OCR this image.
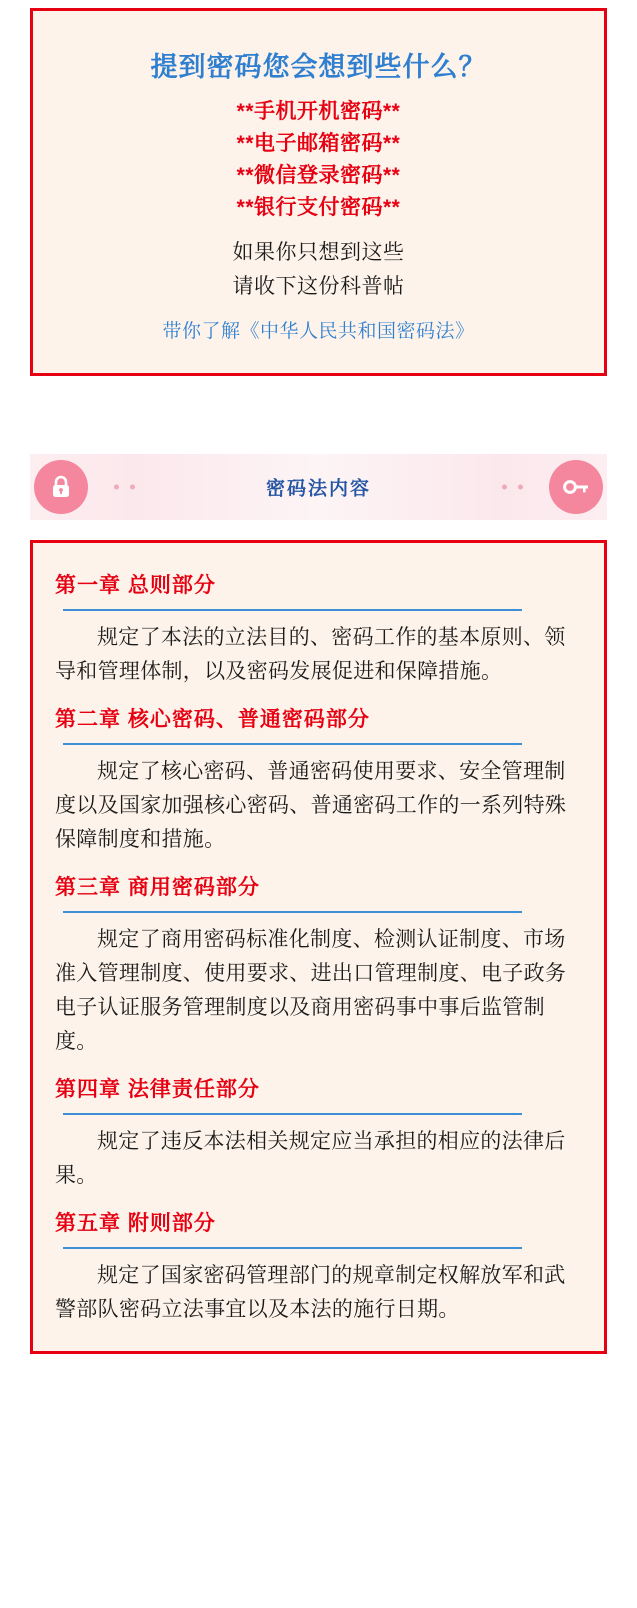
提到密码您会想到些什么？
**手机开机密码**
**电子邮箱密码**
**微信登录密码**
**银行支付密码**
如果你只想到这些
请收下这份科普帖
带你了解《中华人民共和国密码法》
密码法内容
第一章 总则部分

规定了本法的立法目的、密码工作的基本原则、领导和管理体制，以及密码发展促进和保障措施。

第二章 核心密码、普通密码部分

规定了核心密码、普通密码使用要求、安全管理制度以及国家加强核心密码、普通密码工作的一系列特殊保障制度和措施。

第三章 商用密码部分

规定了商用密码标准化制度、检测认证制度、市场准入管理制度、使用要求、进出口管理制度、电子政务电子认证服务管理制度以及商用密码事中事后监管制度。

第四章 法律责任部分

规定了违反本法相关规定应当承担的相应的法律后果。

第五章 附则部分

规定了国家密码管理部门的规章制定权解放军和武警部队密码立法事宜以及本法的施行日期。
